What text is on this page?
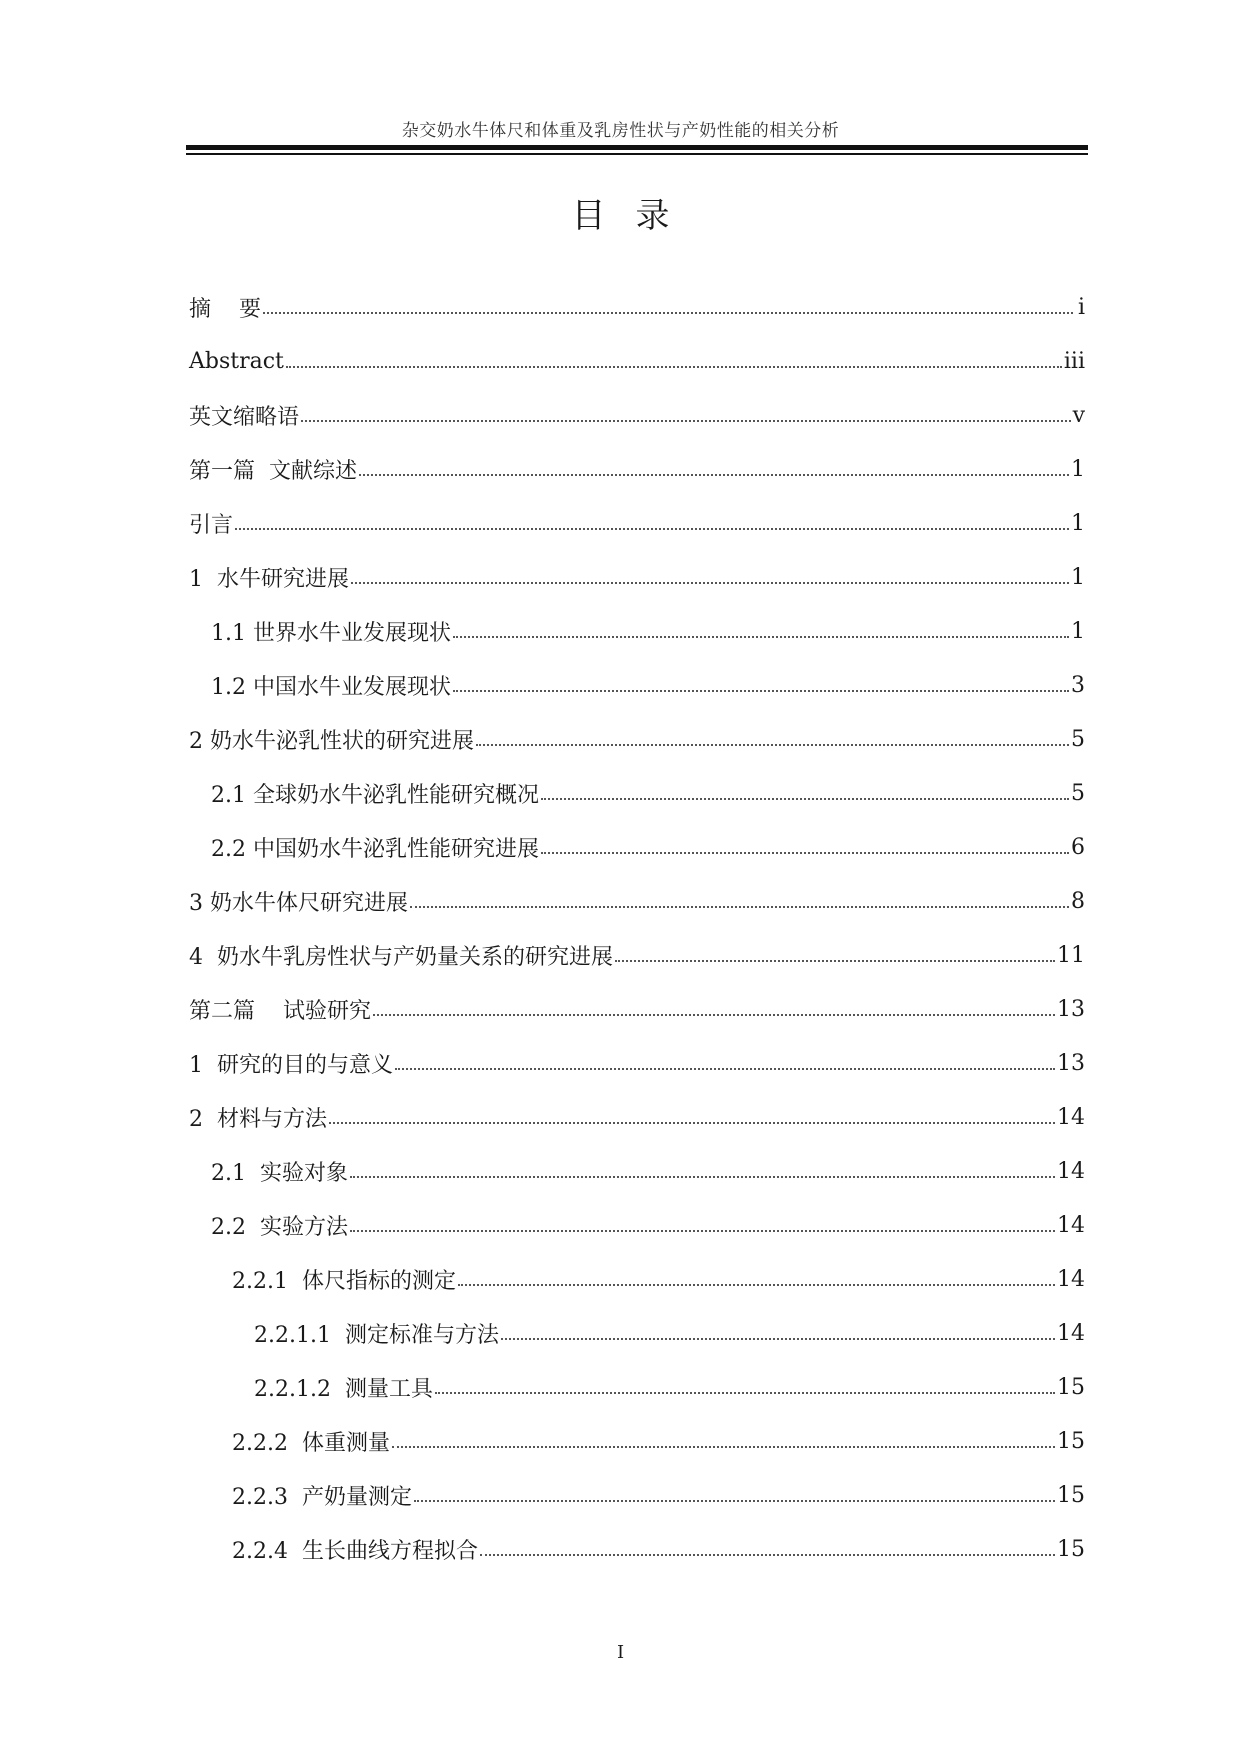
杂交奶水牛体尺和体重及乳房性状与产奶性能的相关分析
目录
摘    要	i
Abstract	iii
英文缩略语	v
第一篇  文献综述	1
引言	1
1  水牛研究进展	1
1.1 世界水牛业发展现状	1
1.2 中国水牛业发展现状	3
2 奶水牛泌乳性状的研究进展	5
2.1 全球奶水牛泌乳性能研究概况	5
2.2 中国奶水牛泌乳性能研究进展	6
3 奶水牛体尺研究进展	8
4  奶水牛乳房性状与产奶量关系的研究进展	11
第二篇    试验研究	13
1  研究的目的与意义	13
2  材料与方法	14
2.1  实验对象	14
2.2  实验方法	14
2.2.1  体尺指标的测定	14
2.2.1.1  测定标准与方法	14
2.2.1.2  测量工具	15
2.2.2  体重测量	15
2.2.3  产奶量测定	15
2.2.4  生长曲线方程拟合	15
I
